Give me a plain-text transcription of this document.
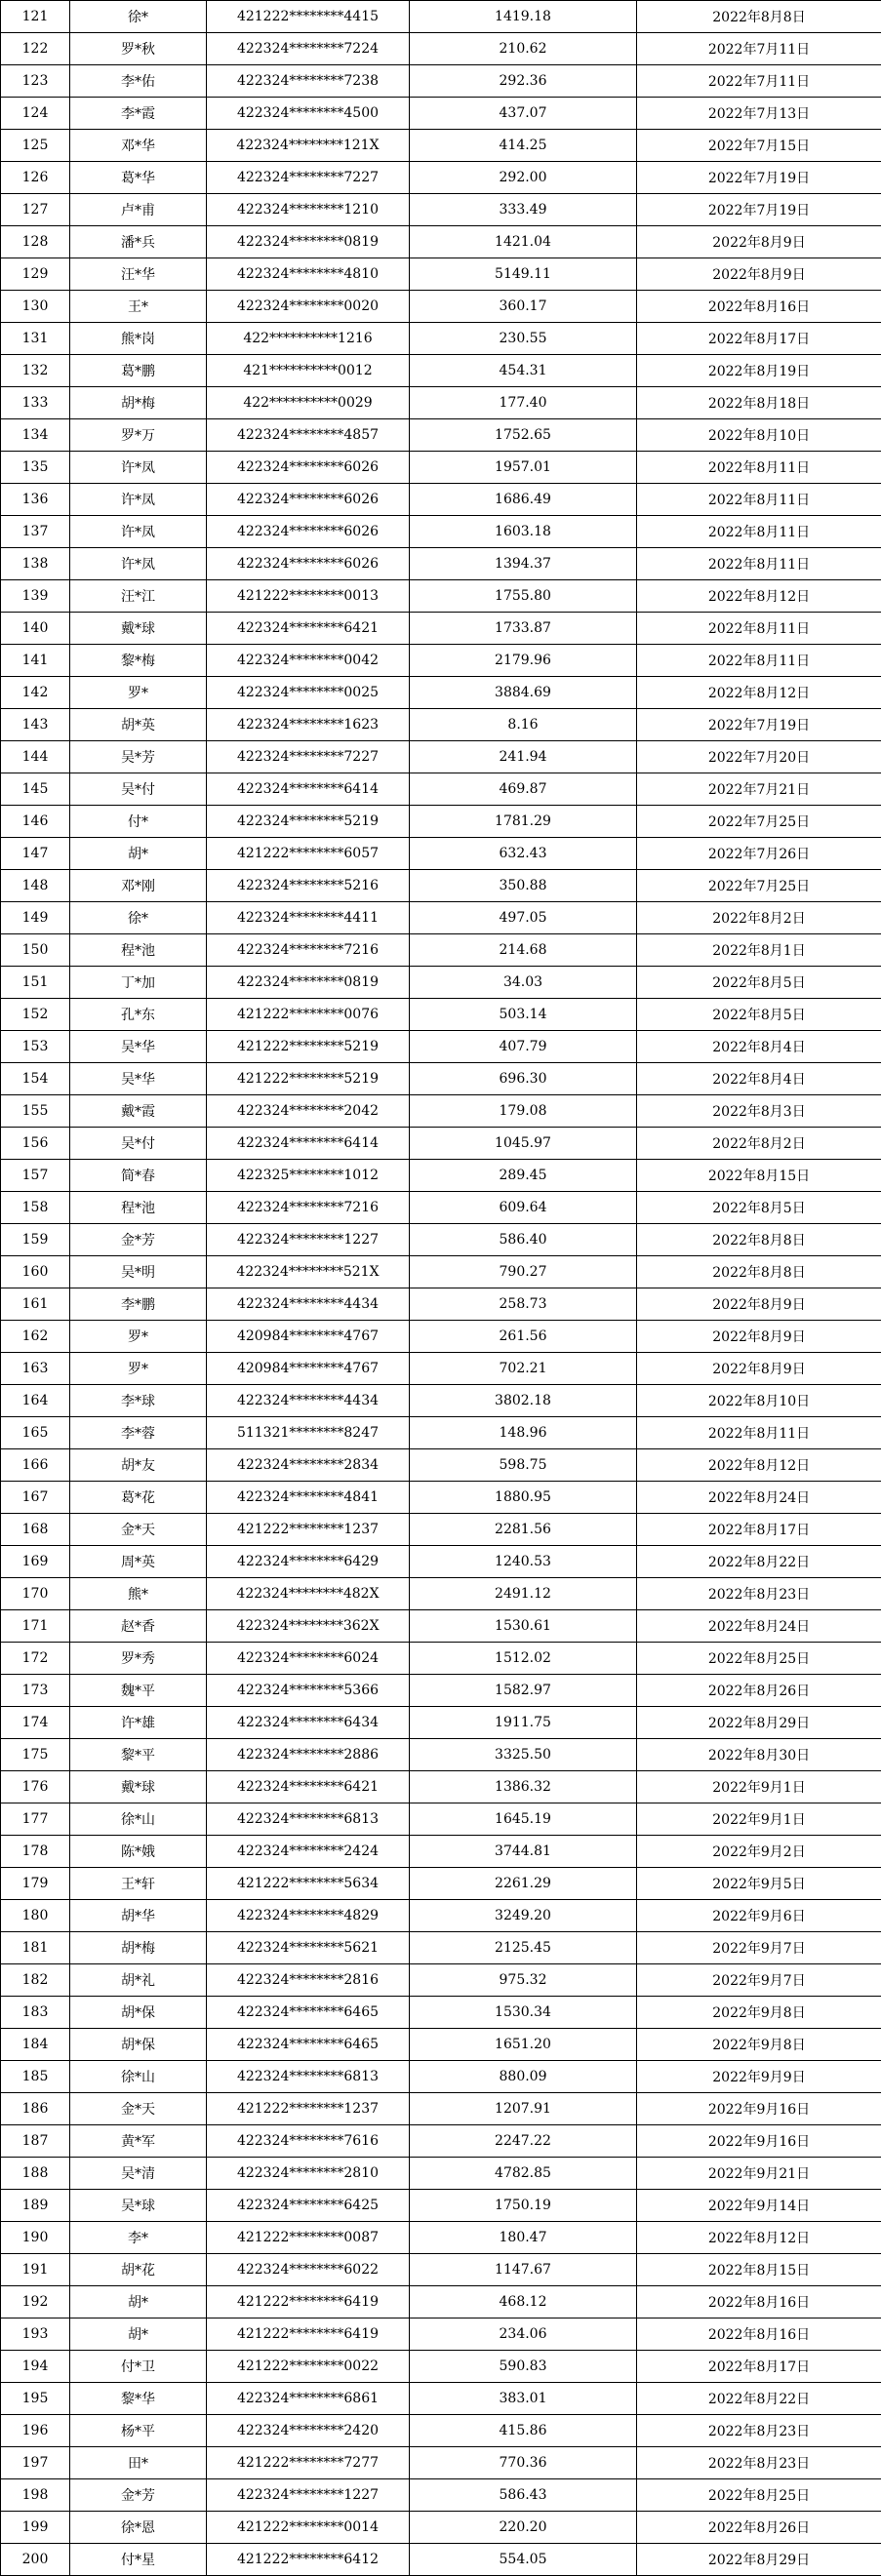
121	徐*	421222********4415	1419.18	2022年8月8日
122	罗*秋	422324********7224	210.62	2022年7月11日
123	李*佑	422324********7238	292.36	2022年7月11日
124	李*霞	422324********4500	437.07	2022年7月13日
125	邓*华	422324********121X	414.25	2022年7月15日
126	葛*华	422324********7227	292.00	2022年7月19日
127	卢*甫	422324********1210	333.49	2022年7月19日
128	潘*兵	422324********0819	1421.04	2022年8月9日
129	汪*华	422324********4810	5149.11	2022年8月9日
130	王*	422324********0020	360.17	2022年8月16日
131	熊*岗	422**********1216	230.55	2022年8月17日
132	葛*鹏	421**********0012	454.31	2022年8月19日
133	胡*梅	422**********0029	177.40	2022年8月18日
134	罗*万	422324********4857	1752.65	2022年8月10日
135	许*凤	422324********6026	1957.01	2022年8月11日
136	许*凤	422324********6026	1686.49	2022年8月11日
137	许*凤	422324********6026	1603.18	2022年8月11日
138	许*凤	422324********6026	1394.37	2022年8月11日
139	汪*江	421222********0013	1755.80	2022年8月12日
140	戴*球	422324********6421	1733.87	2022年8月11日
141	黎*梅	422324********0042	2179.96	2022年8月11日
142	罗*	422324********0025	3884.69	2022年8月12日
143	胡*英	422324********1623	8.16	2022年7月19日
144	吴*芳	422324********7227	241.94	2022年7月20日
145	吴*付	422324********6414	469.87	2022年7月21日
146	付*	422324********5219	1781.29	2022年7月25日
147	胡*	421222********6057	632.43	2022年7月26日
148	邓*刚	422324********5216	350.88	2022年7月25日
149	徐*	422324********4411	497.05	2022年8月2日
150	程*池	422324********7216	214.68	2022年8月1日
151	丁*加	422324********0819	34.03	2022年8月5日
152	孔*东	421222********0076	503.14	2022年8月5日
153	吴*华	421222********5219	407.79	2022年8月4日
154	吴*华	421222********5219	696.30	2022年8月4日
155	戴*霞	422324********2042	179.08	2022年8月3日
156	吴*付	422324********6414	1045.97	2022年8月2日
157	简*春	422325********1012	289.45	2022年8月15日
158	程*池	422324********7216	609.64	2022年8月5日
159	金*芳	422324********1227	586.40	2022年8月8日
160	吴*明	422324********521X	790.27	2022年8月8日
161	李*鹏	422324********4434	258.73	2022年8月9日
162	罗*	420984********4767	261.56	2022年8月9日
163	罗*	420984********4767	702.21	2022年8月9日
164	李*球	422324********4434	3802.18	2022年8月10日
165	李*蓉	511321********8247	148.96	2022年8月11日
166	胡*友	422324********2834	598.75	2022年8月12日
167	葛*花	422324********4841	1880.95	2022年8月24日
168	金*天	421222********1237	2281.56	2022年8月17日
169	周*英	422324********6429	1240.53	2022年8月22日
170	熊*	422324********482X	2491.12	2022年8月23日
171	赵*香	422324********362X	1530.61	2022年8月24日
172	罗*秀	422324********6024	1512.02	2022年8月25日
173	魏*平	422324********5366	1582.97	2022年8月26日
174	许*雄	422324********6434	1911.75	2022年8月29日
175	黎*平	422324********2886	3325.50	2022年8月30日
176	戴*球	422324********6421	1386.32	2022年9月1日
177	徐*山	422324********6813	1645.19	2022年9月1日
178	陈*娥	422324********2424	3744.81	2022年9月2日
179	王*轩	421222********5634	2261.29	2022年9月5日
180	胡*华	422324********4829	3249.20	2022年9月6日
181	胡*梅	422324********5621	2125.45	2022年9月7日
182	胡*礼	422324********2816	975.32	2022年9月7日
183	胡*保	422324********6465	1530.34	2022年9月8日
184	胡*保	422324********6465	1651.20	2022年9月8日
185	徐*山	422324********6813	880.09	2022年9月9日
186	金*天	421222********1237	1207.91	2022年9月16日
187	黄*军	422324********7616	2247.22	2022年9月16日
188	吴*清	422324********2810	4782.85	2022年9月21日
189	吴*球	422324********6425	1750.19	2022年9月14日
190	李*	421222********0087	180.47	2022年8月12日
191	胡*花	422324********6022	1147.67	2022年8月15日
192	胡*	421222********6419	468.12	2022年8月16日
193	胡*	421222********6419	234.06	2022年8月16日
194	付*卫	421222********0022	590.83	2022年8月17日
195	黎*华	422324********6861	383.01	2022年8月22日
196	杨*平	422324********2420	415.86	2022年8月23日
197	田*	421222********7277	770.36	2022年8月23日
198	金*芳	422324********1227	586.43	2022年8月25日
199	徐*恩	421222********0014	220.20	2022年8月26日
200	付*星	421222********6412	554.05	2022年8月29日
